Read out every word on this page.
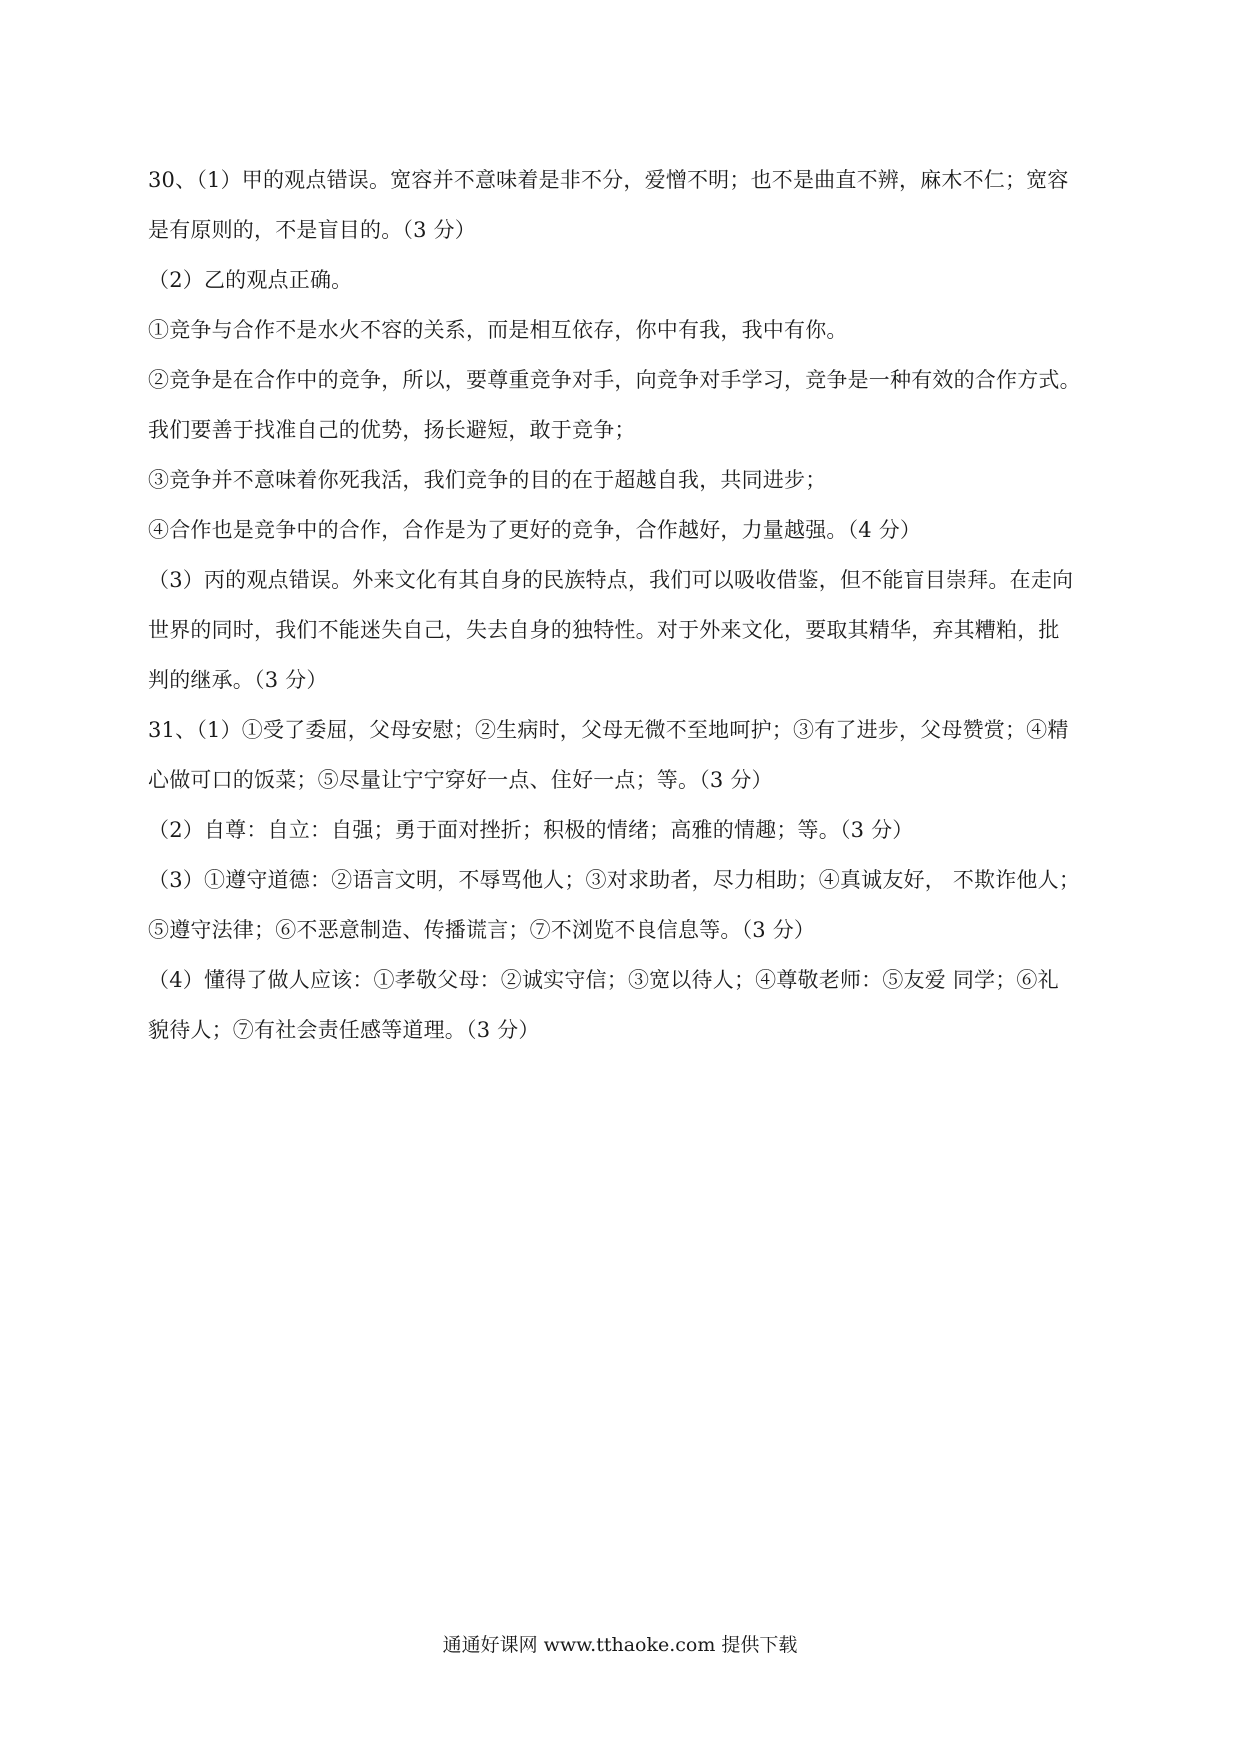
30、（1）甲的观点错误。宽容并不意味着是非不分，爱憎不明；也不是曲直不辨，麻木不仁；宽容
是有原则的，不是盲目的。（3 分）
（2）乙的观点正确。
①竞争与合作不是水火不容的关系，而是相互依存，你中有我，我中有你。
②竞争是在合作中的竞争，所以，要尊重竞争对手，向竞争对手学习，竞争是一种有效的合作方式。
我们要善于找准自己的优势，扬长避短，敢于竞争；
③竞争并不意味着你死我活，我们竞争的目的在于超越自我，共同进步；
④合作也是竞争中的合作，合作是为了更好的竞争，合作越好，力量越强。（4 分）
（3）丙的观点错误。外来文化有其自身的民族特点，我们可以吸收借鉴，但不能盲目崇拜。在走向
世界的同时，我们不能迷失自己，失去自身的独特性。对于外来文化，要取其精华，弃其糟粕，批
判的继承。（3 分）
31、（1）①受了委屈，父母安慰；②生病时，父母无微不至地呵护；③有了进步，父母赞赏；④精
心做可口的饭菜；⑤尽量让宁宁穿好一点、住好一点；等。（3 分）
（2）自尊：自立：自强；勇于面对挫折；积极的情绪；高雅的情趣；等。（3 分）
（3）①遵守道德：②语言文明，不辱骂他人；③对求助者，尽力相助；④真诚友好， 不欺诈他人；
⑤遵守法律；⑥不恶意制造、传播谎言；⑦不浏览不良信息等。（3 分）
（4）懂得了做人应该：①孝敬父母：②诚实守信；③宽以待人；④尊敬老师：⑤友爱 同学；⑥礼
貌待人；⑦有社会责任感等道理。（3 分）
通通好课网 www.tthaoke.com 提供下载
